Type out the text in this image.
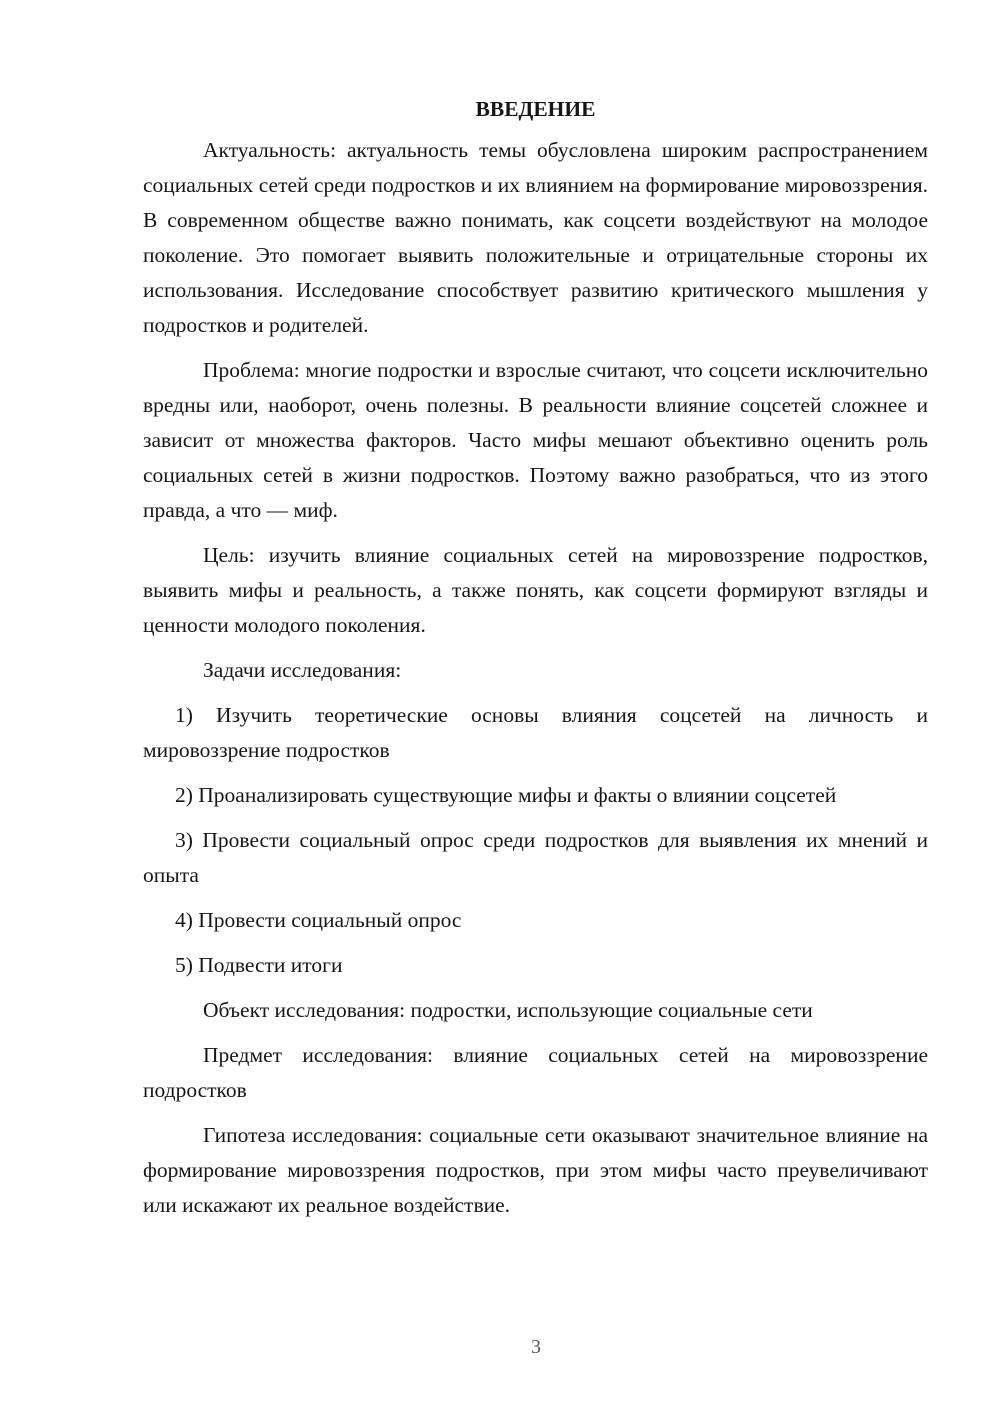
ВВЕДЕНИЕ

Актуальность: актуальность темы обусловлена широким распространением социальных сетей среди подростков и их влиянием на формирование мировоззрения. В современном обществе важно понимать, как соцсети воздействуют на молодое поколение. Это помогает выявить положительные и отрицательные стороны их использования. Исследование способствует развитию критического мышления у подростков и родителей.

Проблема: многие подростки и взрослые считают, что соцсети исключительно вредны или, наоборот, очень полезны. В реальности влияние соцсетей сложнее и зависит от множества факторов. Часто мифы мешают объективно оценить роль социальных сетей в жизни подростков. Поэтому важно разобраться, что из этого правда, а что — миф.

Цель: изучить влияние социальных сетей на мировоззрение подростков, выявить мифы и реальность, а также понять, как соцсети формируют взгляды и ценности молодого поколения.

Задачи исследования:

1) Изучить теоретические основы влияния соцсетей на личность и мировоззрение подростков

2) Проанализировать существующие мифы и факты о влиянии соцсетей

3) Провести социальный опрос среди подростков для выявления их мнений и опыта

4) Провести социальный опрос

5) Подвести итоги

Объект исследования: подростки, использующие социальные сети

Предмет исследования: влияние социальных сетей на мировоззрение подростков

Гипотеза исследования: социальные сети оказывают значительное влияние на формирование мировоззрения подростков, при этом мифы часто преувеличивают или искажают их реальное воздействие.

3
